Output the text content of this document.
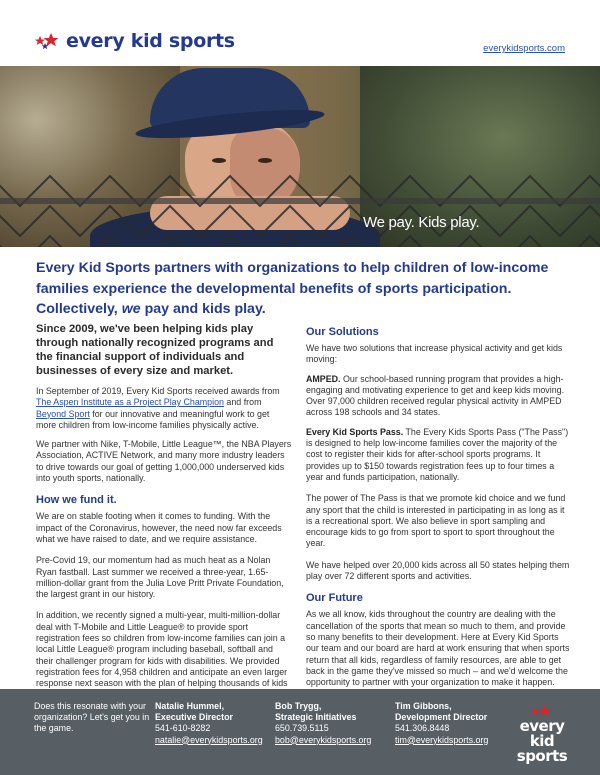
every kid sports	everykidsports.com
We pay. Kids play.
Every Kid Sports partners with organizations to help children of low-income families experience the developmental benefits of sports participation.
Collectively, we pay and kids play.
Since 2009, we've been helping kids play through nationally recognized programs and the financial support of individuals and businesses of every size and market.

In September of 2019, Every Kid Sports received awards from The Aspen Institute as a Project Play Champion and from Beyond Sport for our innovative and meaningful work to get more children from low-income families physically active.

We partner with Nike, T-Mobile, Little League™, the NBA Players Association, ACTIVE Network, and many more industry leaders to drive towards our goal of getting 1,000,000 underserved kids into youth sports, nationally.

How we fund it.

We are on stable footing when it comes to funding. With the impact of the Coronavirus, however, the need now far exceeds what we have raised to date, and we require assistance.

Pre-Covid 19, our momentum had as much heat as a Nolan Ryan fastball. Last summer we received a three-year, 1.65-million-dollar grant from the Julia Love Pritt Private Foundation, the largest grant in our history.

In addition, we recently signed a multi-year, multi-million-dollar deal with T-Mobile and Little League® to provide sport registration fees so children from low-income families can join a local Little League® program including baseball, softball and their challenger program for kids with disabilities. We provided registration fees for 4,958 children and anticipate an even larger response next season with the plan of helping thousands of kids

Our Solutions

We have two solutions that increase physical activity and get kids moving:

AMPED. Our school-based running program that provides a high-engaging and motivating experience to get and keep kids moving. Over 97,000 children received regular physical activity in AMPED across 198 schools and 34 states.

Every Kid Sports Pass. The Every Kids Sports Pass ("The Pass") is designed to help low-income families cover the majority of the cost to register their kids for after-school sports programs. It provides up to $150 towards registration fees up to four times a year and funds participation, nationally.

The power of The Pass is that we promote kid choice and we fund any sport that the child is interested in participating in as long as it is a recreational sport. We also believe in sport sampling and encourage kids to go from sport to sport to sport throughout the year.

We have helped over 20,000 kids across all 50 states helping them play over 72 different sports and activities.

Our Future

As we all know, kids throughout the country are dealing with the cancellation of the sports that mean so much to them, and provide so many benefits to their development. Here at Every Kid Sports our team and our board are hard at work ensuring that when sports return that all kids, regardless of family resources, are able to get back in the game they've missed so much – and we'd welcome the opportunity to partner with your organization to make it happen.

Does this resonate with your organization? Let's get you in the game.
Natalie Hummel,
Executive Director
541-610-8282
natalie@everykidsports.org
Bob Trygg,
Strategic Initiatives
650.739.5115
bob@everykidsports.org
Tim Gibbons,
Development Director
541.306.8448
tim@everykidsports.org
every kid
sports
